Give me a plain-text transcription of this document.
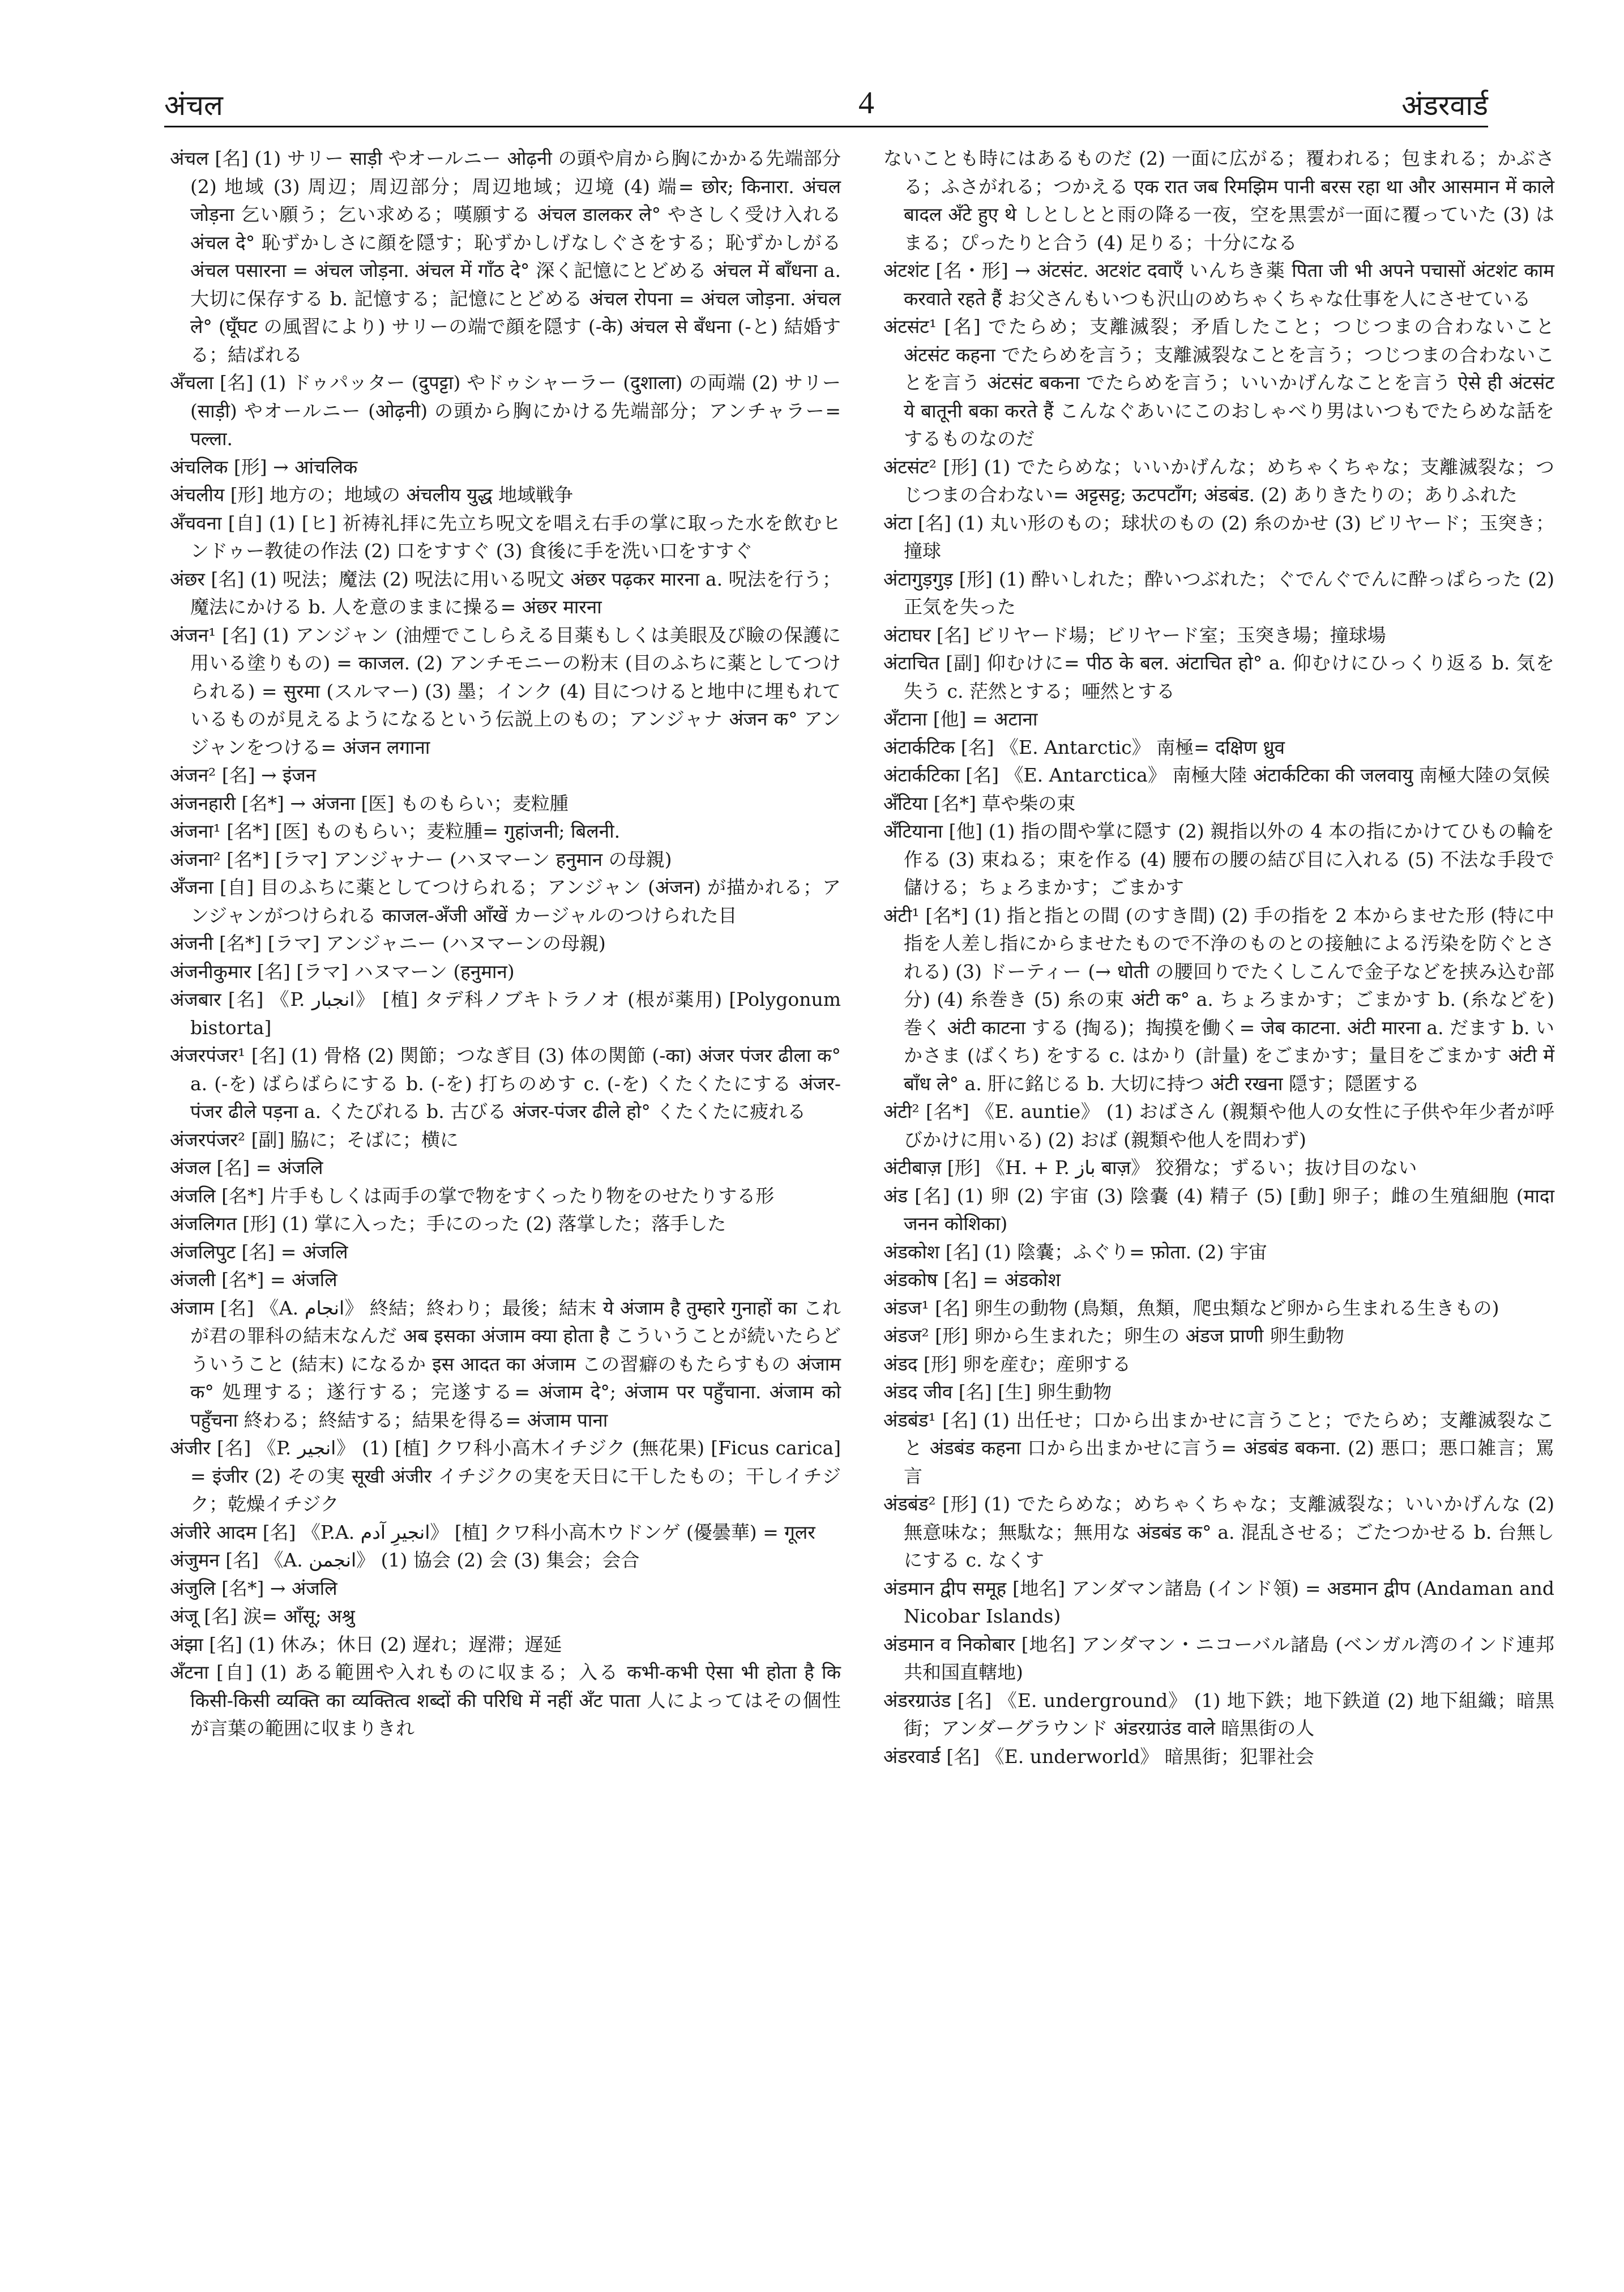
अंचल	4	अंडरवार्ड

अंचल [名] (1) サリー साड़ी やオールニー ओढ़नी の頭や肩から胸にかかる先端部分 (2) 地域 (3) 周辺；周辺部分；周辺地域；辺境 (4) 端= छोर; किनारा. अंचल जोड़ना 乞い願う；乞い求める；嘆願する अंचल डालकर ले° やさしく受け入れる अंचल दे° 恥ずかしさに顔を隠す；恥ずかしげなしぐさをする；恥ずかしがる अंचल पसारना = अंचल जोड़ना. अंचल में गाँठ दे° 深く記憶にとどめる अंचल में बाँधना a. 大切に保存する b. 記憶する；記憶にとどめる अंचल रोपना = अंचल जोड़ना. अंचल ले° (घूँघट の風習により) サリーの端で顔を隠す (-के) अंचल से बँधना (-と) 結婚する；結ばれる

अँचला [名] (1) ドゥパッター (दुपट्टा) やドゥシャーラー (दुशाला) の両端 (2) サリー (साड़ी) やオールニー (ओढ़नी) の頭から胸にかける先端部分；アンチャラー= पल्ला.

अंचलिक [形] → आंचलिक

अंचलीय [形] 地方の；地域の अंचलीय युद्ध 地域戦争

अँचवना [自] (1) [ヒ] 祈祷礼拝に先立ち呪文を唱え右手の掌に取った水を飲むヒンドゥー教徒の作法 (2) 口をすすぐ (3) 食後に手を洗い口をすすぐ

अंछर [名] (1) 呪法；魔法 (2) 呪法に用いる呪文 अंछर पढ़कर मारना a. 呪法を行う；魔法にかける b. 人を意のままに操る= अंछर मारना

अंजन¹ [名] (1) アンジャン (油煙でこしらえる目薬もしくは美眼及び瞼の保護に用いる塗りもの) = काजल. (2) アンチモニーの粉末 (目のふちに薬としてつけられる) = सुरमा (スルマー) (3) 墨；インク (4) 目につけると地中に埋もれているものが見えるようになるという伝説上のもの；アンジャナ अंजन क° アンジャンをつける= अंजन लगाना

अंजन² [名] → इंजन

अंजनहारी [名*] → अंजना [医] ものもらい；麦粒腫

अंजना¹ [名*] [医] ものもらい；麦粒腫= गुहांजनी; बिलनी.

अंजना² [名*] [ラマ] アンジャナー (ハヌマーン हनुमान の母親)

अँजना [自] 目のふちに薬としてつけられる；アンジャン (अंजन) が描かれる；アンジャンがつけられる काजल-अँजी आँखें カージャルのつけられた目

अंजनी [名*] [ラマ] アンジャニー (ハヌマーンの母親)

अंजनीकुमार [名] [ラマ] ハヌマーン (हनुमान)

अंजबार [名] 《P. انجبار》 [植] タデ科ノブキトラノオ (根が薬用) [Polygonum bistorta]

अंजरपंजर¹ [名] (1) 骨格 (2) 関節；つなぎ目 (3) 体の関節 (-का) अंजर पंजर ढीला क° a. (-を) ばらばらにする b. (-を) 打ちのめす c. (-を) くたくたにする अंजर-पंजर ढीले पड़ना a. くたびれる b. 古びる अंजर-पंजर ढीले हो° くたくたに疲れる

अंजरपंजर² [副] 脇に；そばに；横に

अंजल [名] = अंजलि

अंजलि [名*] 片手もしくは両手の掌で物をすくったり物をのせたりする形

अंजलिगत [形] (1) 掌に入った；手にのった (2) 落掌した；落手した

अंजलिपुट [名] = अंजलि

अंजली [名*] = अंजलि

अंजाम [名] 《A. انجام》 終結；終わり；最後；結末 ये अंजाम है तुम्हारे गुनाहों का これが君の罪科の結末なんだ अब इसका अंजाम क्या होता है こういうことが続いたらどういうこと (結末) になるか इस आदत का अंजाम この習癖のもたらすもの अंजाम क° 処理する；遂行する；完遂する= अंजाम दे°; अंजाम पर पहुँचाना. अंजाम को पहुँचना 終わる；終結する；結果を得る= अंजाम पाना

अंजीर [名] 《P. انجیر》 (1) [植] クワ科小高木イチジク (無花果) [Ficus carica] = इंजीर (2) その実 सूखी अंजीर イチジクの実を天日に干したもの；干しイチジク；乾燥イチジク

अंजीरे आदम [名] 《P.A. انجیرِ آدم》 [植] クワ科小高木ウドンゲ (優曇華) = गूलर

अंजुमन [名] 《A. انجمن》 (1) 協会 (2) 会 (3) 集会；会合

अंजुलि [名*] → अंजलि

अंजू [名] 涙= आँसू; अश्रु

अंझा [名] (1) 休み；休日 (2) 遅れ；遅滞；遅延

अँटना [自] (1) ある範囲や入れものに収まる；入る कभी-कभी ऐसा भी होता है कि किसी-किसी व्यक्ति का व्यक्तित्व शब्दों की परिधि में नहीं अँट पाता 人によってはその個性が言葉の範囲に収まりきれ

ないことも時にはあるものだ (2) 一面に広がる；覆われる；包まれる；かぶさる；ふさがれる；つかえる एक रात जब रिमझिम पानी बरस रहा था और आसमान में काले बादल अँटे हुए थे しとしとと雨の降る一夜，空を黒雲が一面に覆っていた (3) はまる；ぴったりと合う (4) 足りる；十分になる

अंटशंट [名・形] → अंटसंट. अटशंट दवाएँ いんちき薬 पिता जी भी अपने पचासों अंटशंट काम करवाते रहते हैं お父さんもいつも沢山のめちゃくちゃな仕事を人にさせている

अंटसंट¹ [名] でたらめ；支離滅裂；矛盾したこと；つじつまの合わないこと अंटसंट कहना でたらめを言う；支離滅裂なことを言う；つじつまの合わないことを言う अंटसंट बकना でたらめを言う；いいかげんなことを言う ऐसे ही अंटसंट ये बातूनी बका करते हैं こんなぐあいにこのおしゃべり男はいつもでたらめな話をするものなのだ

अंटसंट² [形] (1) でたらめな；いいかげんな；めちゃくちゃな；支離滅裂な；つじつまの合わない= अट्टसट्ट; ऊटपटाँग; अंडबंड. (2) ありきたりの；ありふれた

अंटा [名] (1) 丸い形のもの；球状のもの (2) 糸のかせ (3) ビリヤード；玉突き；撞球

अंटागुड़गुड़ [形] (1) 酔いしれた；酔いつぶれた；ぐでんぐでんに酔っぱらった (2) 正気を失った

अंटाघर [名] ビリヤード場；ビリヤード室；玉突き場；撞球場

अंटाचित [副] 仰むけに= पीठ के बल. अंटाचित हो° a. 仰むけにひっくり返る b. 気を失う c. 茫然とする；唖然とする

अँटाना [他] = अटाना

अंटार्कटिक [名] 《E. Antarctic》 南極= दक्षिण ध्रुव

अंटार्कटिका [名] 《E. Antarctica》 南極大陸 अंटार्कटिका की जलवायु 南極大陸の気候

अँटिया [名*] 草や柴の束

अँटियाना [他] (1) 指の間や掌に隠す (2) 親指以外の 4 本の指にかけてひもの輪を作る (3) 束ねる；束を作る (4) 腰布の腰の結び目に入れる (5) 不法な手段で儲ける；ちょろまかす；ごまかす

अंटी¹ [名*] (1) 指と指との間 (のすき間) (2) 手の指を 2 本からませた形 (特に中指を人差し指にからませたもので不浄のものとの接触による汚染を防ぐとされる) (3) ドーティー (→ धोती の腰回りでたくしこんで金子などを挟み込む部分) (4) 糸巻き (5) 糸の束 अंटी क° a. ちょろまかす；ごまかす b. (糸などを) 巻く अंटी काटना する (掏る)；掏摸を働く= जेब काटना. अंटी मारना a. だます b. いかさま (ばくち) をする c. はかり (計量) をごまかす；量目をごまかす अंटी में बाँध ले° a. 肝に銘じる b. 大切に持つ अंटी रखना 隠す；隠匿する

अंटी² [名*] 《E. auntie》 (1) おばさん (親類や他人の女性に子供や年少者が呼びかけに用いる) (2) おば (親類や他人を問わず)

अंटीबाज़ [形] 《H. + P. باز बाज़》 狡猾な；ずるい；抜け目のない

अंड [名] (1) 卵 (2) 宇宙 (3) 陰嚢 (4) 精子 (5) [動] 卵子；雌の生殖細胞 (मादा जनन कोशिका)

अंडकोश [名] (1) 陰嚢；ふぐり= फ़ोता. (2) 宇宙

अंडकोष [名] = अंडकोश

अंडज¹ [名] 卵生の動物 (鳥類，魚類，爬虫類など卵から生まれる生きもの)

अंडज² [形] 卵から生まれた；卵生の अंडज प्राणी 卵生動物

अंडद [形] 卵を産む；産卵する

अंडद जीव [名] [生] 卵生動物

अंडबंड¹ [名] (1) 出任せ；口から出まかせに言うこと；でたらめ；支離滅裂なこと अंडबंड कहना 口から出まかせに言う= अंडबंड बकना. (2) 悪口；悪口雑言；罵言

अंडबंड² [形] (1) でたらめな；めちゃくちゃな；支離滅裂な；いいかげんな (2) 無意味な；無駄な；無用な अंडबंड क° a. 混乱させる；ごたつかせる b. 台無しにする c. なくす

अंडमान द्वीप समूह [地名] アンダマン諸島 (インド領) = अडमान द्वीप (Andaman and Nicobar Islands)

अंडमान व निकोबार [地名] アンダマン・ニコーバル諸島 (ベンガル湾のインド連邦共和国直轄地)

अंडरग्राउंड [名] 《E. underground》 (1) 地下鉄；地下鉄道 (2) 地下組織；暗黒街；アンダーグラウンド अंडरग्राउंड वाले 暗黒街の人

अंडरवार्ड [名] 《E. underworld》 暗黒街；犯罪社会
